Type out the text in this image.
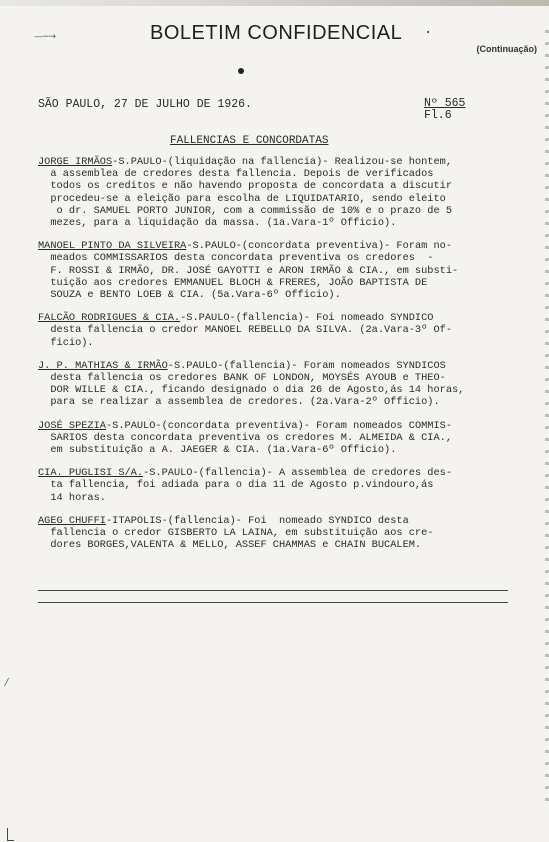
—−→	BOLETIM CONFIDENCIAL ·
(Continuação)
SÃO PAULO, 27 DE JULHO DE 1926.	Nº 565
Fl.6
FALLENCIAS E CONCORDATAS
JORGE IRMÃOS-S.PAULO-(liquidação na fallencia)- Realizou-se hontem,
a assemblea de credores desta fallencia. Depois de verificados
todos os creditos e não havendo proposta de concordata a discutir
procedeu-se a eleição para escolha de LIQUIDATARIO, sendo eleito
o dr. SAMUEL PORTO JUNIOR, com a commissão de 10% e o prazo de 5
mezes, para a liquidação da massa. (1a.Vara-1º Officio).
MANOEL PINTO DA SILVEIRA-S.PAULO-(concordata preventiva)- Foram no-
meados COMMISSARIOS desta concordata preventiva os credores  -
F. ROSSI & IRMÃO, DR. JOSÉ GAYOTTI e ARON IRMÃO & CIA., em substi-
tuição aos credores EMMANUEL BLOCH & FRERES, JOÃO BAPTISTA DE
SOUZA e BENTO LOEB & CIA. (5a.Vara-6º Officio).
FALCÃO RODRIGUES & CIA.-S.PAULO-(fallencia)- Foi nomeado SYNDICO
desta fallencia o credor MANOEL REBELLO DA SILVA. (2a.Vara-3º Of-
ficio).
J. P. MATHIAS & IRMÃO-S.PAULO-(fallencia)- Foram nomeados SYNDICOS
desta fallencia os credores BANK OF LONDON, MOYSÉS AYOUB e THEO-
DOR WILLE & CIA., ficando designado o dia 26 de Agosto,ás 14 horas,
para se realizar a assemblea de credores. (2a.Vara-2º Officio).
JOSÉ SPEZIA-S.PAULO-(concordata preventiva)- Foram nomeados COMMIS-
SARIOS desta concordata preventiva os credores M. ALMEIDA & CIA.,
em substituição a A. JAEGER & CIA. (1a.Vara-6º Officio).
CIA. PUGLISI S/A.-S.PAULO-(fallencia)- A assemblea de credores des-
ta fallencia, foi adiada para o dia 11 de Agosto p.vindouro,ás
14 horas.
AGEG CHUFFI-ITAPOLIS-(fallencia)- Foi  nomeado SYNDICO desta
fallencia o credor GISBERTO LA LAINA, em substituição aos cre-
dores BORGES,VALENTA & MELLO, ASSEF CHAMMAS e CHAIN BUCALEM.
⁄
